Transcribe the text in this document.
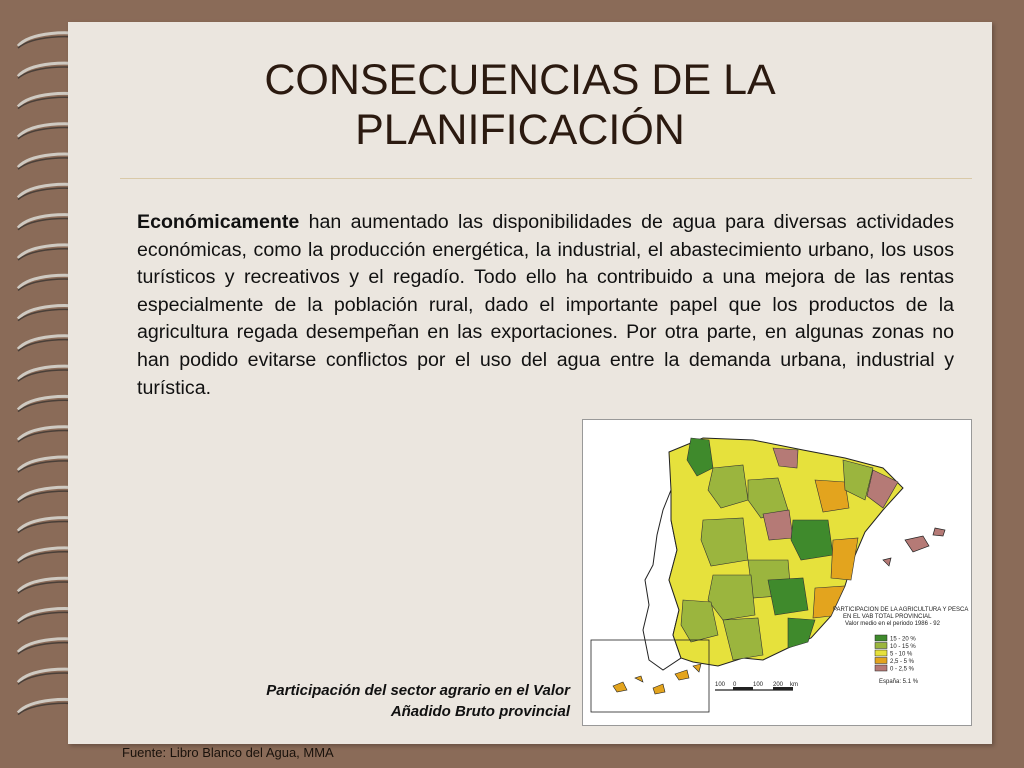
CONSECUENCIAS DE LA
PLANIFICACIÓN

Económicamente han aumentado las disponibilidades de agua para diversas actividades económicas, como la producción energética, la industrial, el abastecimiento urbano, los usos turísticos y recreativos y el regadío. Todo ello ha contribuido a una mejora de las rentas especialmente de la población rural, dado el importante papel que los productos de la agricultura regada desempeñan en las exportaciones. Por otra parte, en algunas zonas no han podido evitarse conflictos por el uso del agua entre la demanda urbana, industrial y turística.

100 0	100 200 km
PARTICIPACION DE LA AGRICULTURA Y PESCA
EN EL VAB TOTAL PROVINCIAL
Valor medio en el periodo 1986 - 92
15 - 20 %
10 - 15 %
5 - 10 %
2,5 - 5 %
0 - 2,5 %
España: 5.1 %
Participación del sector agrario en el Valor
Añadido Bruto provincial
Fuente: Libro Blanco del Agua, MMA
